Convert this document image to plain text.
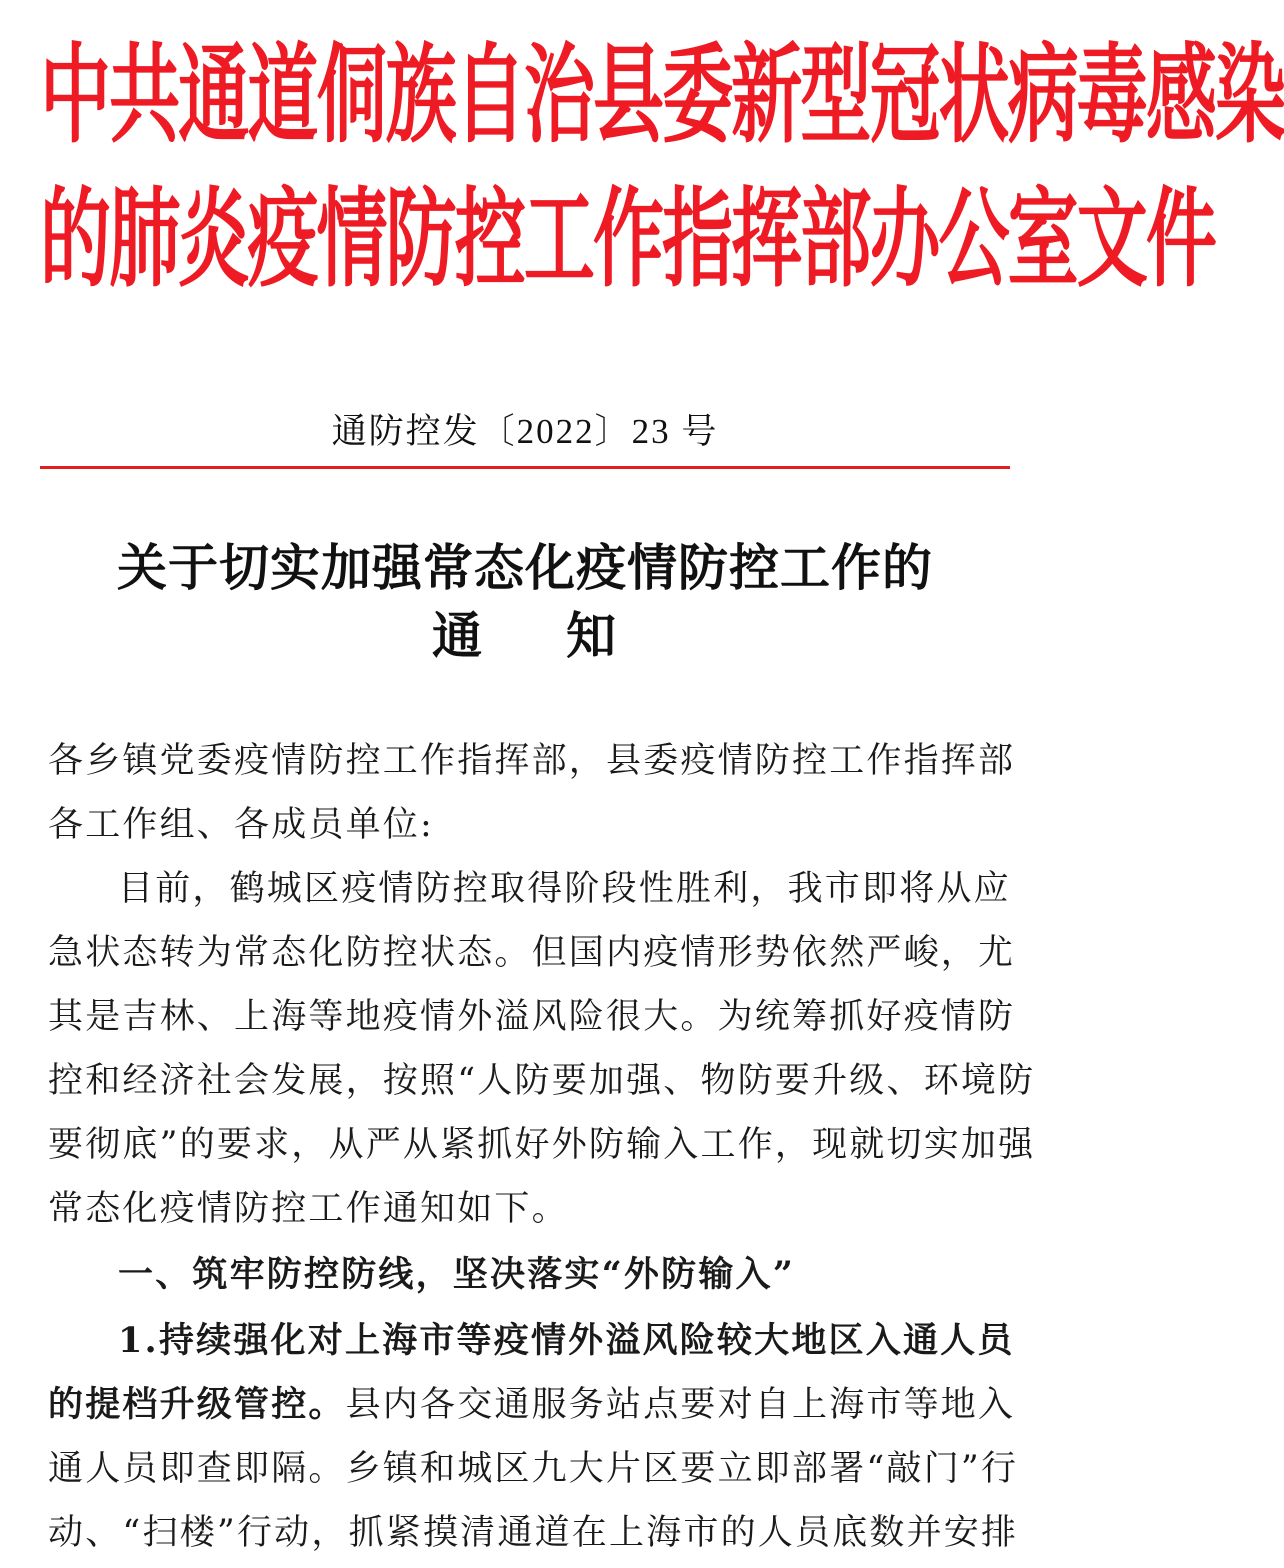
中共通道侗族自治县委新型冠状病毒感染
的肺炎疫情防控工作指挥部办公室文件
通防控发〔2022〕23 号
关于切实加强常态化疫情防控工作的
通 知
各乡镇党委疫情防控工作指挥部，县委疫情防控工作指挥部
各工作组、各成员单位:
目前，鹤城区疫情防控取得阶段性胜利，我市即将从应
急状态转为常态化防控状态。但国内疫情形势依然严峻，尤
其是吉林、上海等地疫情外溢风险很大。为统筹抓好疫情防
控和经济社会发展，按照“人防要加强、物防要升级、环境防
要彻底”的要求，从严从紧抓好外防输入工作，现就切实加强
常态化疫情防控工作通知如下。
一、筑牢防控防线，坚决落实“外防输入”
1.持续强化对上海市等疫情外溢风险较大地区入通人员
的提档升级管控。县内各交通服务站点要对自上海市等地入
通人员即查即隔。乡镇和城区九大片区要立即部署“敲门”行
动、“扫楼”行动，抓紧摸清通道在上海市的人员底数并安排
